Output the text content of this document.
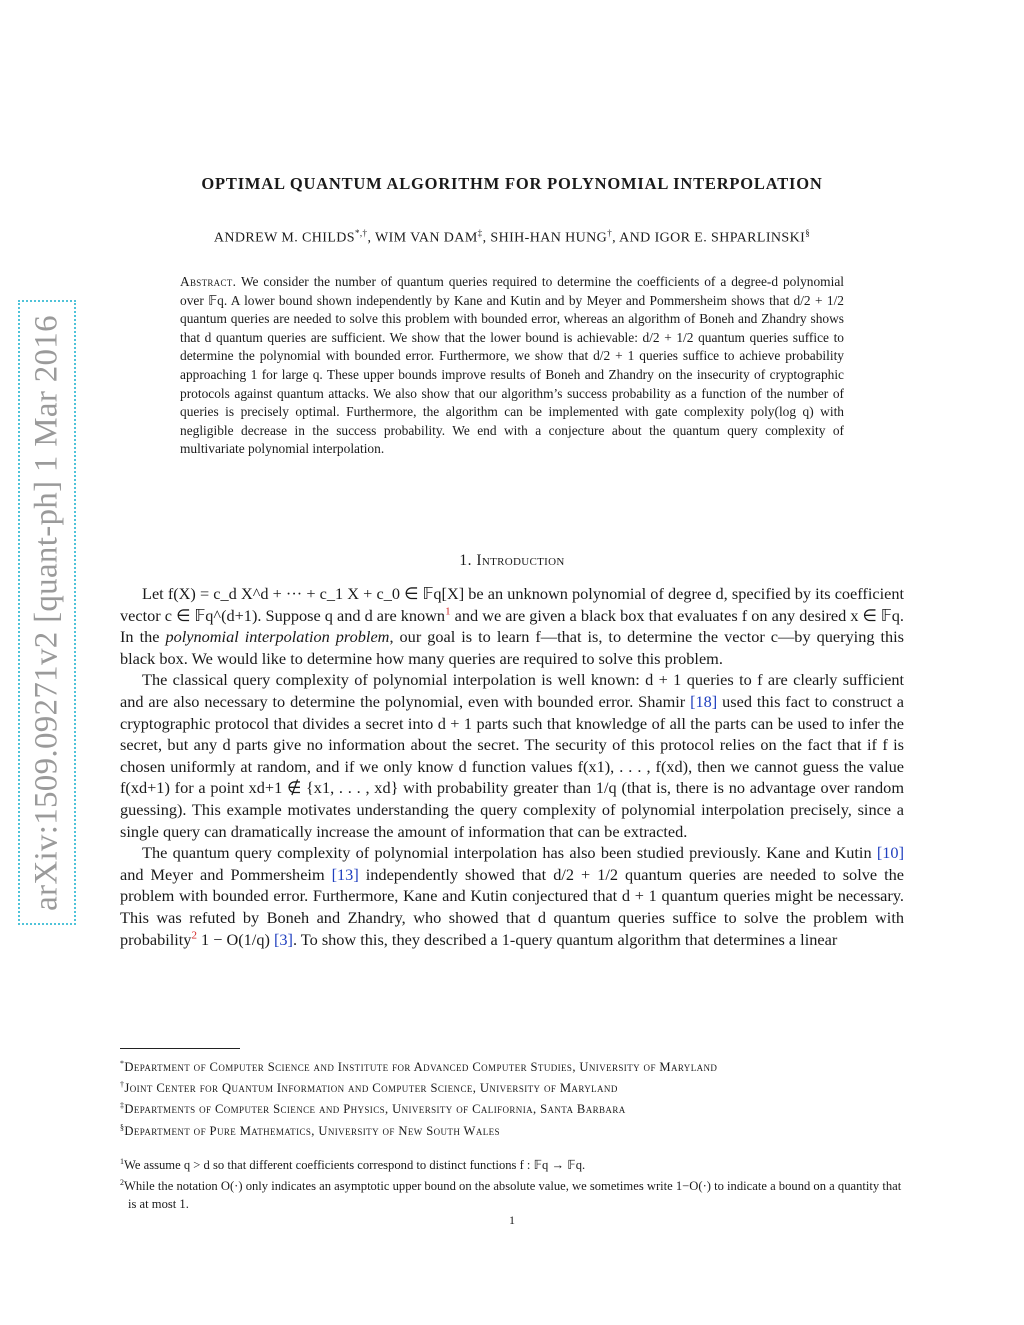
arXiv:1509.09271v2 [quant-ph] 1 Mar 2016
OPTIMAL QUANTUM ALGORITHM FOR POLYNOMIAL INTERPOLATION
ANDREW M. CHILDS*,†, WIM VAN DAM‡, SHIH-HAN HUNG†, AND IGOR E. SHPARLINSKI§
Abstract. We consider the number of quantum queries required to determine the coefficients of a degree-d polynomial over 𝔽q. A lower bound shown independently by Kane and Kutin and by Meyer and Pommersheim shows that d/2 + 1/2 quantum queries are needed to solve this problem with bounded error, whereas an algorithm of Boneh and Zhandry shows that d quantum queries are sufficient. We show that the lower bound is achievable: d/2 + 1/2 quantum queries suffice to determine the polynomial with bounded error. Furthermore, we show that d/2 + 1 queries suffice to achieve probability approaching 1 for large q. These upper bounds improve results of Boneh and Zhandry on the insecurity of cryptographic protocols against quantum attacks. We also show that our algorithm’s success probability as a function of the number of queries is precisely optimal. Furthermore, the algorithm can be implemented with gate complexity poly(log q) with negligible decrease in the success probability. We end with a conjecture about the quantum query complexity of multivariate polynomial interpolation.
1. Introduction

Let f(X) = c_d X^d + ··· + c_1 X + c_0 ∈ 𝔽q[X] be an unknown polynomial of degree d, specified by its coefficient vector c ∈ 𝔽q^(d+1). Suppose q and d are known$^1$ and we are given a black box that evaluates f on any desired x ∈ 𝔽q. In the polynomial interpolation problem, our goal is to learn f—that is, to determine the vector c—by querying this black box. We would like to determine how many queries are required to solve this problem.

The classical query complexity of polynomial interpolation is well known: d + 1 queries to f are clearly sufficient and are also necessary to determine the polynomial, even with bounded error. Shamir [18] used this fact to construct a cryptographic protocol that divides a secret into d + 1 parts such that knowledge of all the parts can be used to infer the secret, but any d parts give no information about the secret. The security of this protocol relies on the fact that if f is chosen uniformly at random, and if we only know d function values f(x1), . . . , f(xd), then we cannot guess the value f(xd+1) for a point xd+1 ∉ {x1, . . . , xd} with probability greater than 1/q (that is, there is no advantage over random guessing). This example motivates understanding the query complexity of polynomial interpolation precisely, since a single query can dramatically increase the amount of information that can be extracted.

The quantum query complexity of polynomial interpolation has also been studied previously. Kane and Kutin [10] and Meyer and Pommersheim [13] independently showed that d/2 + 1/2 quantum queries are needed to solve the problem with bounded error. Furthermore, Kane and Kutin conjectured that d + 1 quantum queries might be necessary. This was refuted by Boneh and Zhandry, who showed that d quantum queries suffice to solve the problem with probability$^2$ 1 − O(1/q) [3]. To show this, they described a 1-query quantum algorithm that determines a linear

*Department of Computer Science and Institute for Advanced Computer Studies, University of Maryland
†Joint Center for Quantum Information and Computer Science, University of Maryland
‡Departments of Computer Science and Physics, University of California, Santa Barbara
§Department of Pure Mathematics, University of New South Wales
$^1$We assume q > d so that different coefficients correspond to distinct functions f : 𝔽q → 𝔽q.
$^2$While the notation O(·) only indicates an asymptotic upper bound on the absolute value, we sometimes write 1−O(·) to indicate a bound on a quantity that is at most 1.
1
